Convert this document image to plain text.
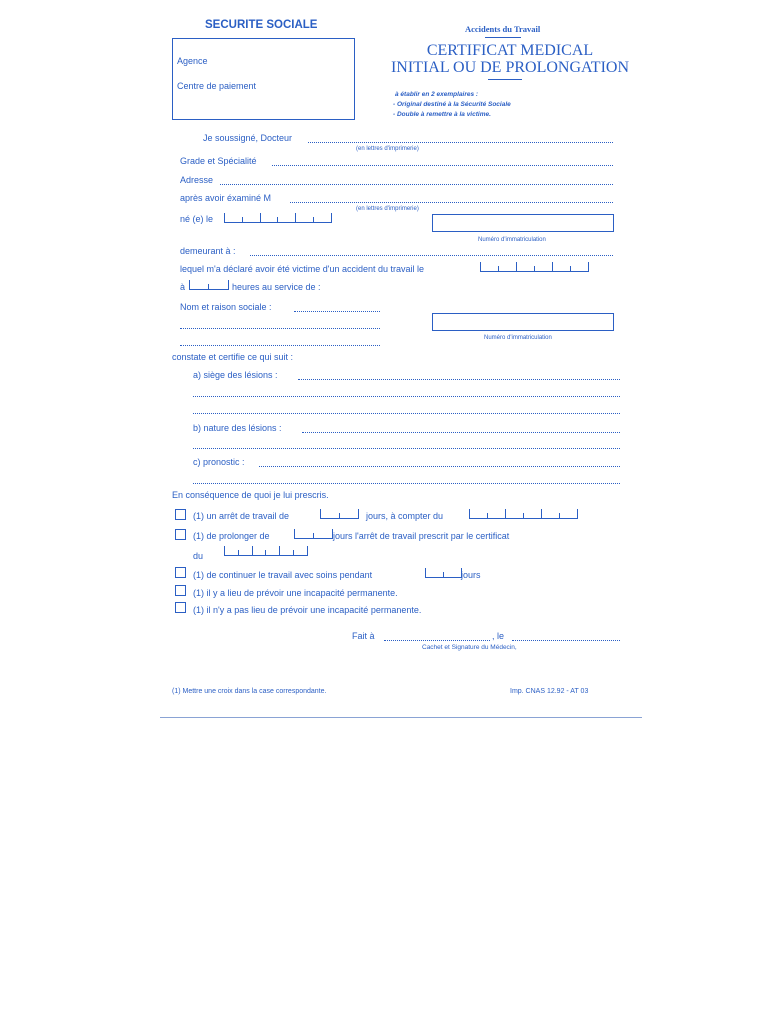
SECURITE SOCIALE	Accidents du Travail
CERTIFICAT MEDICAL
INITIAL OU DE PROLONGATION
à établir en 2 exemplaires :
- Original destiné à la Sécurité Sociale
- Double à remettre à la victime.
Agence
Centre de paiement
Je soussigné, Docteur
(en lettres d'imprimerie)
Grade et Spécialité
Adresse
après avoir éxaminé M
(en lettres d'imprimerie)
né (e) le
Numéro d'immatriculation
demeurant à :
lequel m'a déclaré avoir été victime d'un accident du travail le
à	heures au service de :
Nom et raison sociale :
Numéro d'immatriculation
constate et certifie ce qui suit :
a) siège des lésions :
b) nature des lésions :
c) pronostic :
En conséquence de quoi je lui prescris.
(1) un arrêt de travail de	jours, à compter du
(1) de prolonger de	jours l'arrêt de travail prescrit par le certificat
du
(1) de continuer le travail avec soins pendant	jours
(1) il y a lieu de prévoir une incapacité permanente.
(1) il n'y a pas lieu de prévoir une incapacité permanente.
Fait à	, le
Cachet et Signature du Médecin,
(1) Mettre une croix dans la case correspondante.	Imp. CNAS 12.92 - AT 03
